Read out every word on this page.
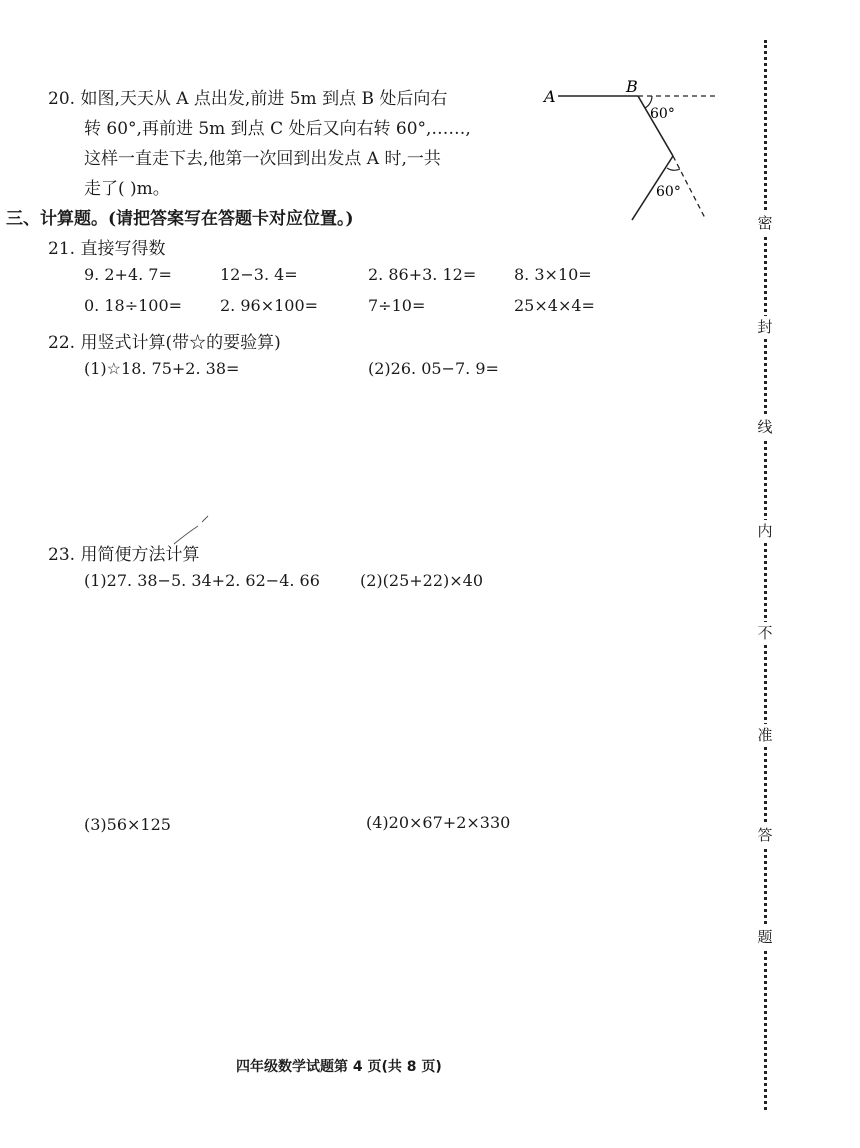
20. 如图,天天从 A 点出发,前进 5m 到点 B 处后向右
转 60°,再前进 5m 到点 C 处后又向右转 60°,……,
这样一直走下去,他第一次回到出发点 A 时,一共
走了( )m。
A
B
60°
60°
三、计算题。(请把答案写在答题卡对应位置。)
21. 直接写得数
9. 2+4. 7=	12−3. 4=	2. 86+3. 12= 8. 3×10=
0. 18÷100= 2. 96×100=	7÷10=	25×4×4=
22. 用竖式计算(带☆的要验算)
(1)☆18. 75+2. 38=	(2)26. 05−7. 9=
23. 用简便方法计算
(1)27. 38−5. 34+2. 62−4. 66	(2)(25+22)×40
(3)56×125	(4)20×67+2×330
密
封
线
内
不
准
答
题
四年级数学试题第 4 页(共 8 页)
